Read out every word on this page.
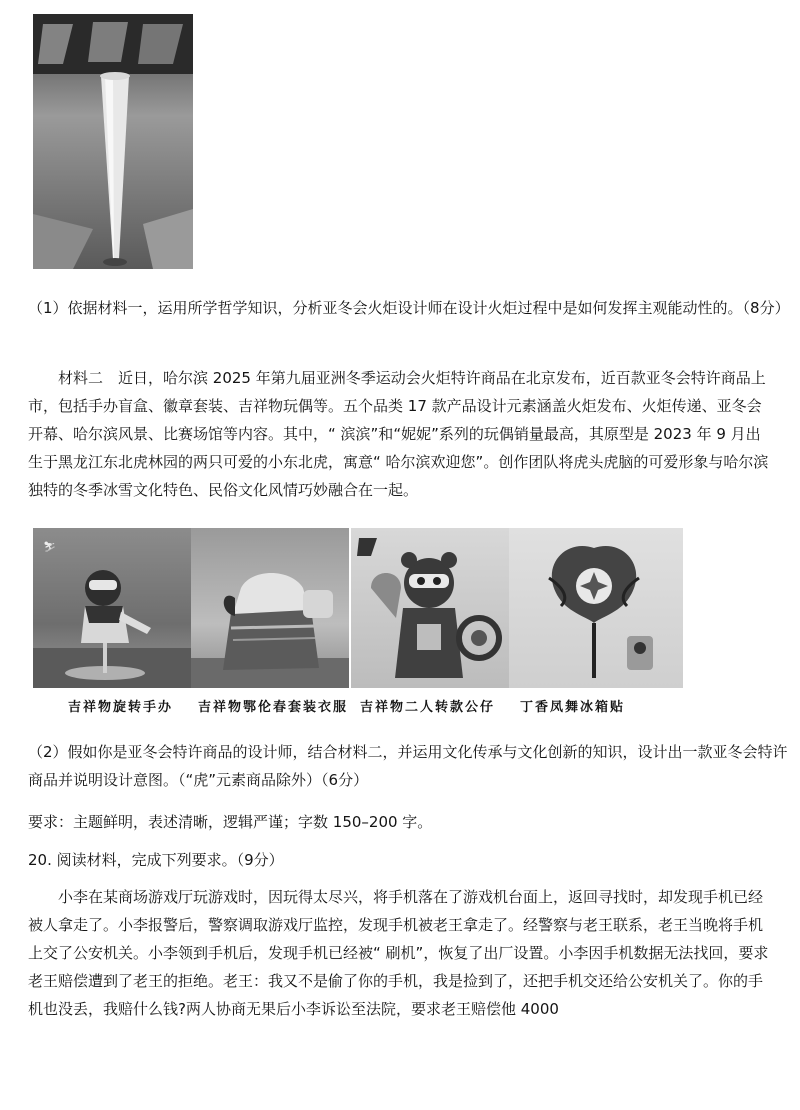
（1）依据材料一，运用所学哲学知识，分析亚冬会火炬设计师在设计火炬过程中是如何发挥主观能动性的。（8分）
材料二　近日，哈尔滨 2025 年第九届亚洲冬季运动会火炬特许商品在北京发布，近百款亚冬会特许商品上市，包括手办盲盒、徽章套装、吉祥物玩偶等。五个品类 17 款产品设计元素涵盖火炬发布、火炬传递、亚冬会开幕、哈尔滨风景、比赛场馆等内容。其中，“ 滨滨”和“妮妮”系列的玩偶销量最高，其原型是 2023 年 9 月出生于黑龙江东北虎林园的两只可爱的小东北虎，寓意“ 哈尔滨欢迎您”。创作团队将虎头虎脑的可爱形象与哈尔滨独特的冬季冰雪文化特色、民俗文化风情巧妙融合在一起。
⛷
吉祥物旋转手办 吉祥物鄂伦春套装衣服 吉祥物二人转款公仔 丁香凤舞冰箱贴
（2）假如你是亚冬会特许商品的设计师，结合材料二，并运用文化传承与文化创新的知识，设计出一款亚冬会特许商品并说明设计意图。（“虎”元素商品除外）（6分）
要求：主题鲜明，表述清晰，逻辑严谨；字数 150–200 字。
20. 阅读材料，完成下列要求。（9分）
小李在某商场游戏厅玩游戏时，因玩得太尽兴，将手机落在了游戏机台面上，返回寻找时，却发现手机已经被人拿走了。小李报警后，警察调取游戏厅监控，发现手机被老王拿走了。经警察与老王联系，老王当晚将手机上交了公安机关。小李领到手机后，发现手机已经被“ 刷机”，恢复了出厂设置。小李因手机数据无法找回，要求老王赔偿遭到了老王的拒绝。老王：我又不是偷了你的手机，我是捡到了，还把手机交还给公安机关了。你的手机也没丢，我赔什么钱?两人协商无果后小李诉讼至法院，要求老王赔偿他 4000
